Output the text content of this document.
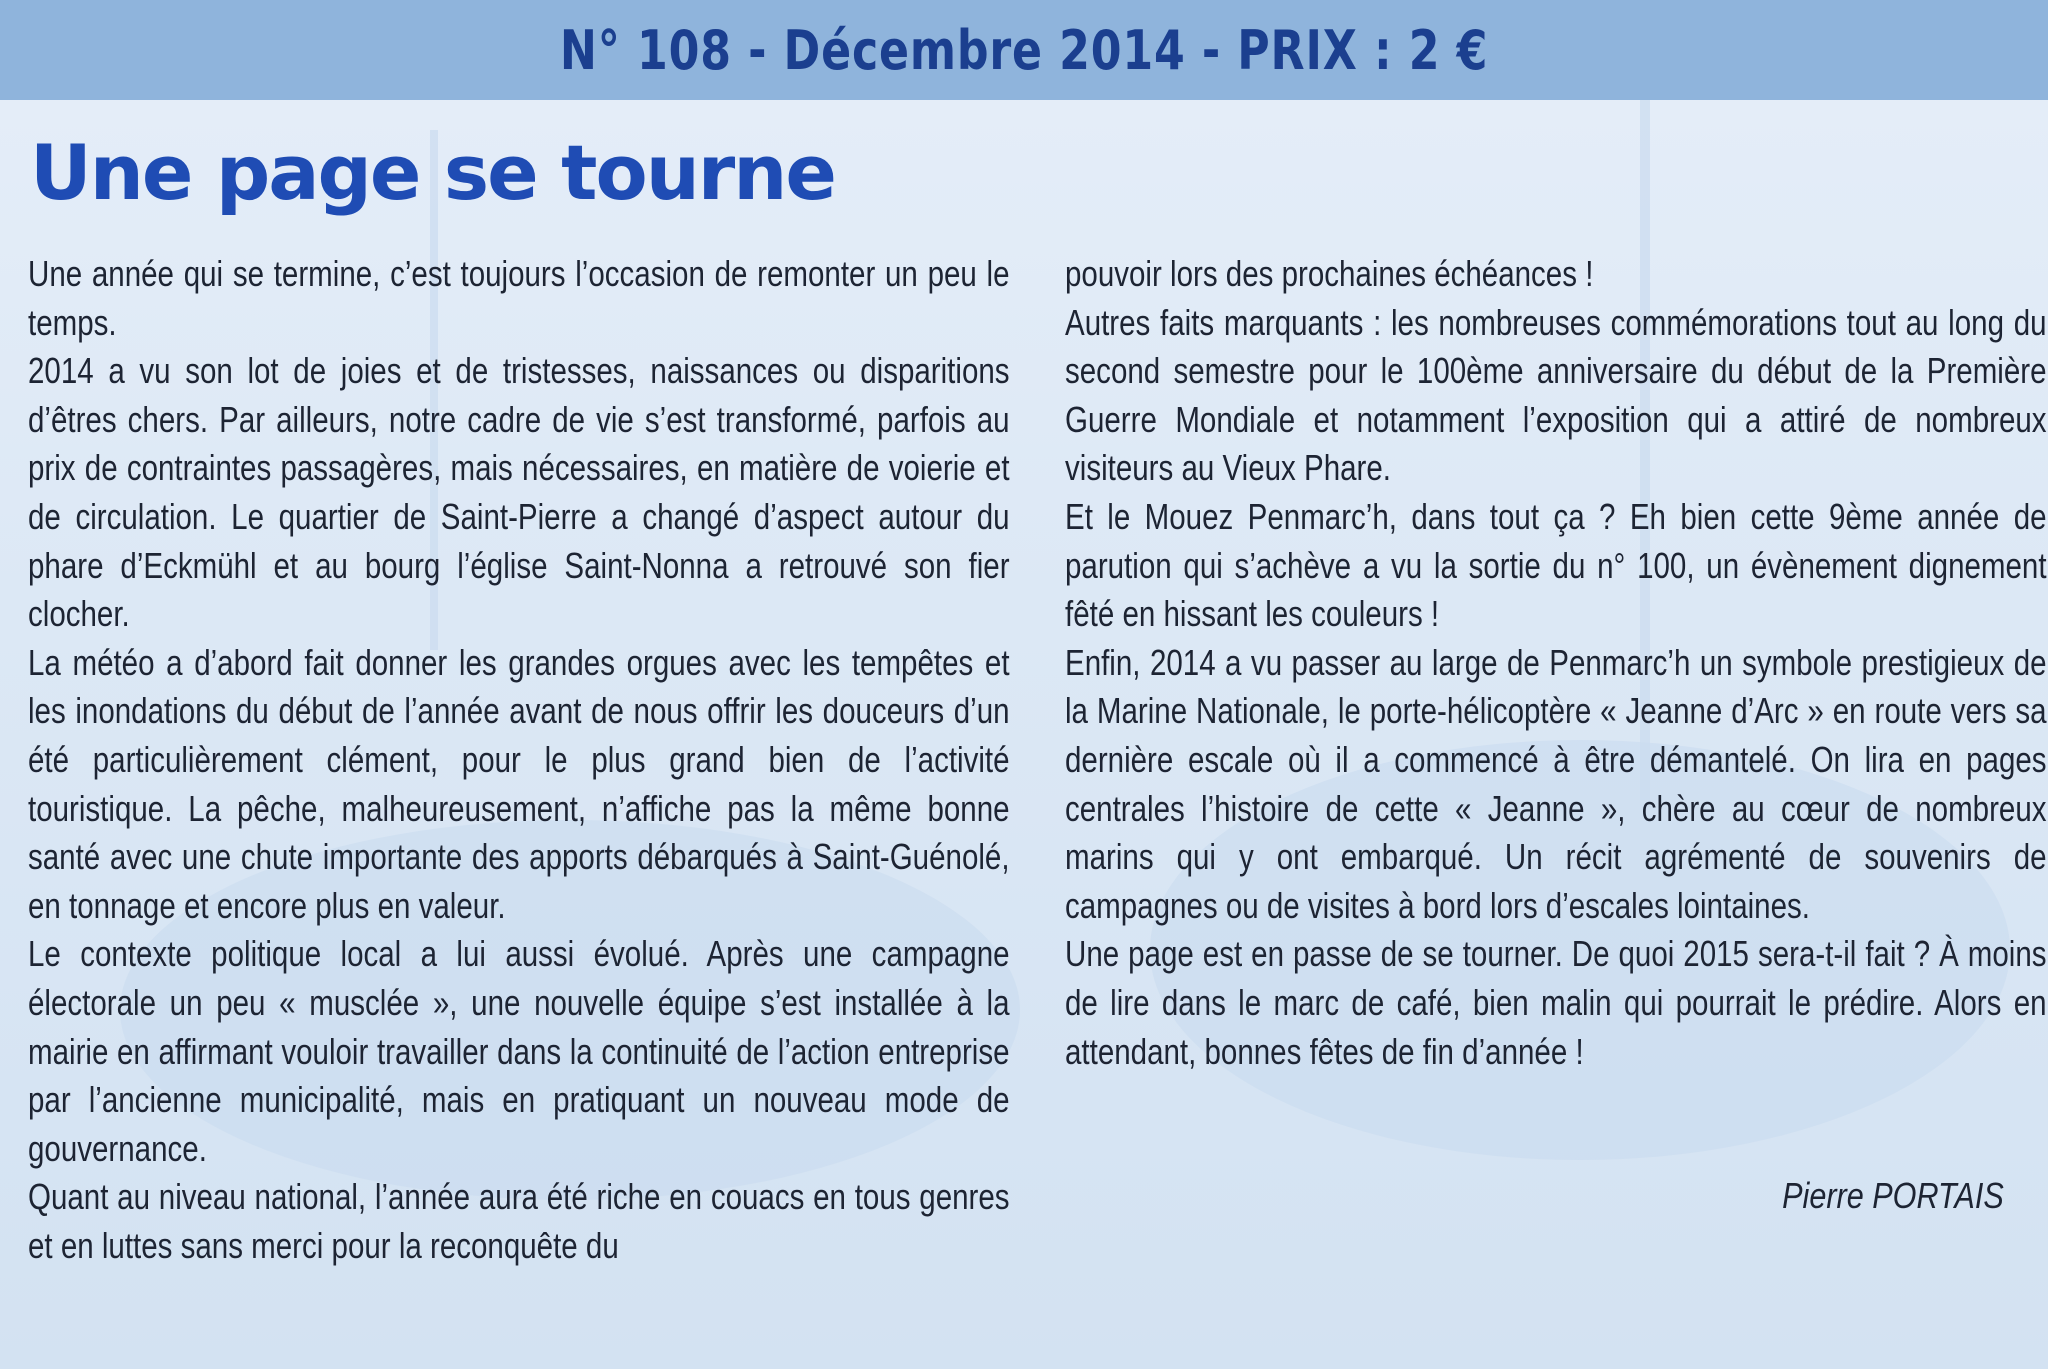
N° 108 - Décembre 2014 - PRIX : 2 €
Une page se tourne

Une année qui se termine, c’est toujours l’occasion de remonter un peu le temps.

2014 a vu son lot de joies et de tristesses, naissances ou disparitions d’êtres chers. Par ailleurs, notre cadre de vie s’est transformé, parfois au prix de contraintes passagères, mais nécessaires, en matière de voierie et de circulation. Le quartier de Saint-Pierre a changé d’aspect autour du phare d’Eckmühl et au bourg l’église Saint-Nonna a retrouvé son fier clocher.

La météo a d’abord fait donner les grandes orgues avec les tempêtes et les inondations du début de l’année avant de nous offrir les douceurs d’un été particulièrement clément, pour le plus grand bien de l’activité touristique. La pêche, malheureusement, n’affiche pas la même bonne santé avec une chute importante des apports débarqués à Saint-Guénolé, en tonnage et encore plus en valeur.

Le contexte politique local a lui aussi évolué. Après une campagne électorale un peu « musclée », une nouvelle équipe s’est installée à la mairie en affirmant vouloir travailler dans la continuité de l’action entreprise par l’ancienne municipalité, mais en pratiquant un nouveau mode de gouvernance.

Quant au niveau national, l’année aura été riche en couacs en tous genres et en luttes sans merci pour la reconquête du

pouvoir lors des prochaines échéances !

Autres faits marquants : les nombreuses commémorations tout au long du second semestre pour le 100ème anniversaire du début de la Première Guerre Mondiale et notamment l’exposition qui a attiré de nombreux visiteurs au Vieux Phare.

Et le Mouez Penmarc’h, dans tout ça ? Eh bien cette 9ème année de parution qui s’achève a vu la sortie du n° 100, un évènement dignement fêté en hissant les couleurs !

Enfin, 2014 a vu passer au large de Penmarc’h un symbole prestigieux de la Marine Nationale, le porte-hélicoptère « Jeanne d’Arc » en route vers sa dernière escale où il a commencé à être démantelé. On lira en pages centrales l’histoire de cette « Jeanne », chère au cœur de nombreux marins qui y ont embarqué. Un récit agrémenté de souvenirs de campagnes ou de visites à bord lors d’escales lointaines.

Une page est en passe de se tourner. De quoi 2015 sera-t-il fait ? À moins de lire dans le marc de café, bien malin qui pourrait le prédire. Alors en attendant, bonnes fêtes de fin d’année !

Pierre PORTAIS
